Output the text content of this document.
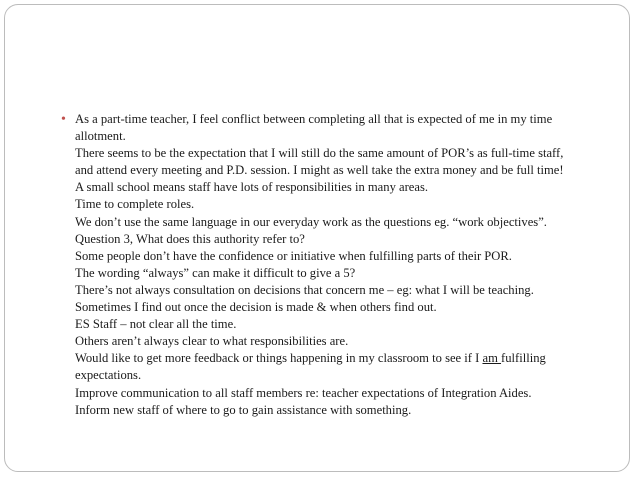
• As a part-time teacher, I feel conflict between completing all that is expected of me in my time
allotment.
There seems to be the expectation that I will still do the same amount of POR’s as full-time staff,
and attend every meeting and P.D. session. I might as well take the extra money and be full time!
A small school means staff have lots of responsibilities in many areas.
Time to complete roles.
We don’t use the same language in our everyday work as the questions eg. “work objectives”.
Question 3, What does this authority refer to?
Some people don’t have the confidence or initiative when fulfilling parts of their POR.
The wording “always” can make it difficult to give a 5?
There’s not always consultation on decisions that concern me – eg: what I will be teaching.
Sometimes I find out once the decision is made & when others find out.
ES Staff – not clear all the time.
Others aren’t always clear to what responsibilities are.
Would like to get more feedback or things happening in my classroom to see if I am fulfilling
expectations.
Improve communication to all staff members re: teacher expectations of Integration Aides.
Inform new staff of where to go to gain assistance with something.
